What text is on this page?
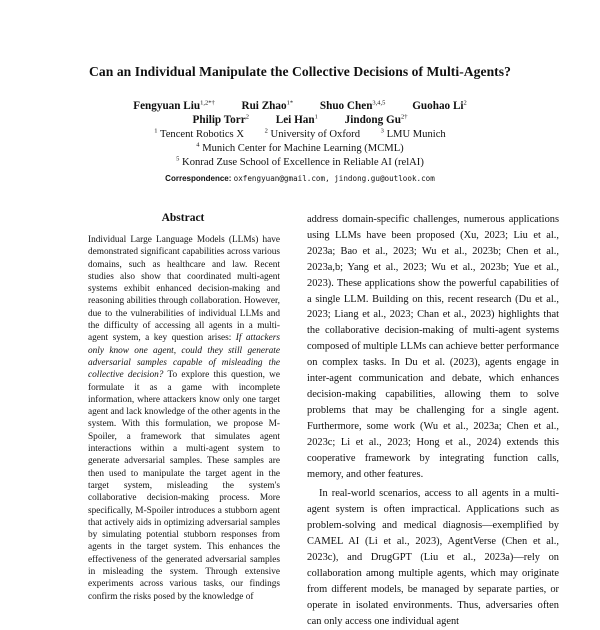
Can an Individual Manipulate the Collective Decisions of Multi-Agents?
Fengyuan Liu$^{1,2*\dagger}$ Rui Zhao$^{1*}$ Shuo Chen$^{3,4,5}$ Guohao Li$^2$
Philip Torr$^2$ Lei Han$^1$ Jindong $Gu^{2\dagger}$
$^1$ Tencent Robotics X	$^2$ University of Oxford	$^3$ LMU Munich
$^4$ Munich Center for Machine Learning (MCML)
$^5$ Konrad Zuse School of Excellence in Reliable AI (relAI)
Correspondence: oxfengyuan@gmail.com, jindong.gu@outlook.com
Abstract
Individual Large Language Models (LLMs) have demonstrated significant capabilities across various domains, such as healthcare and law. Recent studies also show that coordinated multi-agent systems exhibit enhanced decision-making and reasoning abilities through collaboration. However, due to the vulnerabilities of individual LLMs and the difficulty of accessing all agents in a multi-agent system, a key question arises: If attackers only know one agent, could they still generate adversarial samples capable of misleading the collective decision? To explore this question, we formulate it as a game with incomplete information, where attackers know only one target agent and lack knowledge of the other agents in the system. With this formulation, we propose M-Spoiler, a framework that simulates agent interactions within a multi-agent system to generate adversarial samples. These samples are then used to manipulate the target agent in the target system, misleading the system's collaborative decision-making process. More specifically, M-Spoiler introduces a stubborn agent that actively aids in optimizing adversarial samples by simulating potential stubborn responses from agents in the target system. This enhances the effectiveness of the generated adversarial samples in misleading the system. Through extensive experiments across various tasks, our findings confirm the risks posed by the knowledge of

address domain-specific challenges, numerous applications using LLMs have been proposed (Xu, 2023; Liu et al., 2023a; Bao et al., 2023; Wu et al., 2023b; Chen et al., 2023a,b; Yang et al., 2023; Wu et al., 2023b; Yue et al., 2023). These applications show the powerful capabilities of a single LLM. Building on this, recent research (Du et al., 2023; Liang et al., 2023; Chan et al., 2023) highlights that the collaborative decision-making of multi-agent systems composed of multiple LLMs can achieve better performance on complex tasks. In Du et al. (2023), agents engage in inter-agent communication and debate, which enhances decision-making capabilities, allowing them to solve problems that may be challenging for a single agent. Furthermore, some work (Wu et al., 2023a; Chen et al., 2023c; Li et al., 2023; Hong et al., 2024) extends this cooperative framework by integrating function calls, memory, and other features.

In real-world scenarios, access to all agents in a multi-agent system is often impractical. Applications such as problem-solving and medical diagnosis—exemplified by CAMEL AI (Li et al., 2023), AgentVerse (Chen et al., 2023c), and DrugGPT (Liu et al., 2023a)—rely on collaboration among multiple agents, which may originate from different models, be managed by separate parties, or operate in isolated environments. Thus, adversaries often can only access one individual agent
